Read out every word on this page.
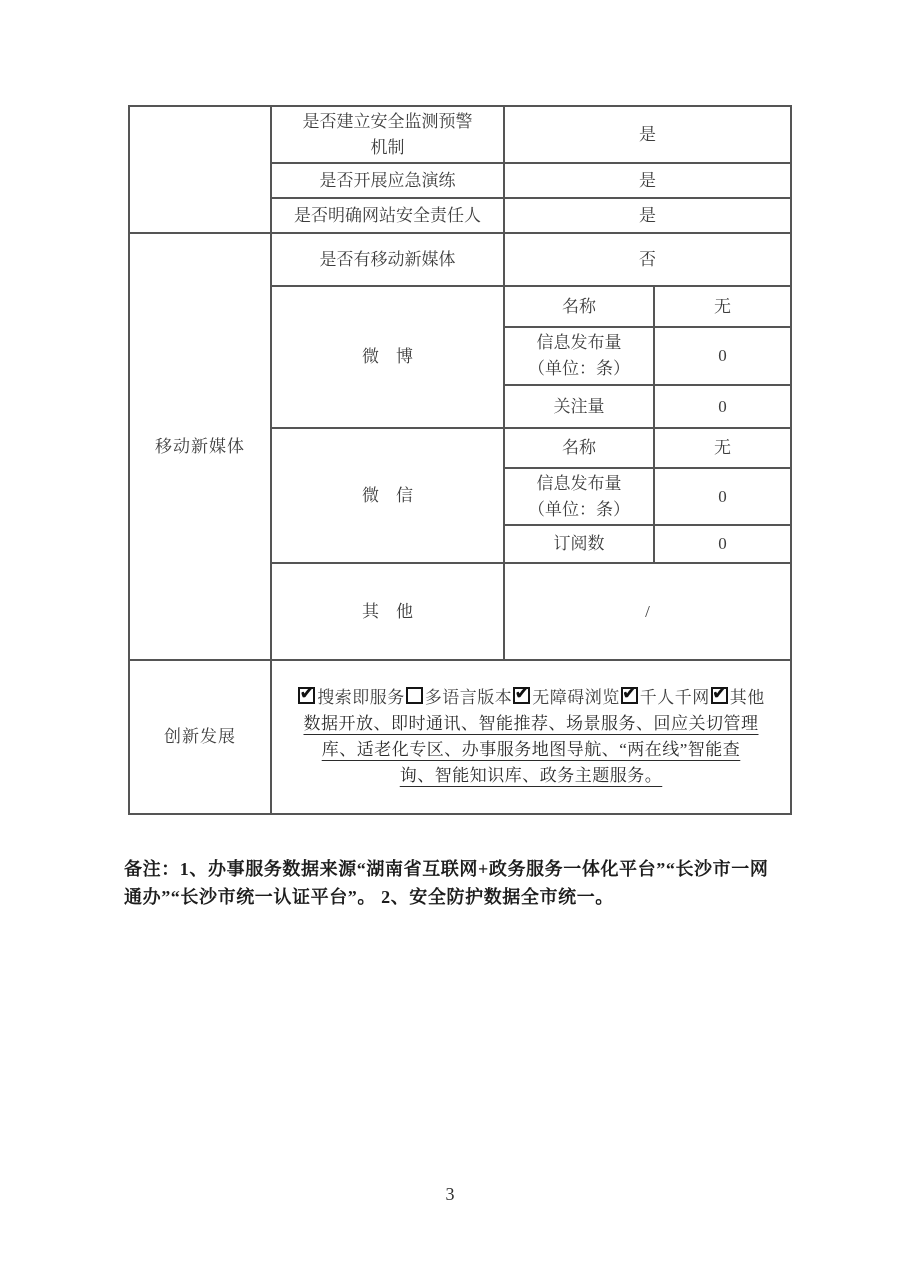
	是否建立安全监测预警
机制	是	
	是否开展应急演练	是	
	是否明确网站安全责任人	是	
移动新媒体	是否有移动新媒体	否	
	微　博	名称	无

		信息发布量
（单位：条）	0
		关注量	0
	微　信	名称	无

		信息发布量
（单位：条）	0
		订阅数	0
	其　他	/	
创新发展	
✔搜索即服务 多语言版本 ✔ 无障碍浏览 ✔ 千人千网 ✔ 其他
数据开放、即时通讯、智能推荐、场景服务、回应关切管理
库、适老化专区、办事服务地图导航、“两在线”智能查
询、智能知识库、政务主题服务。
备注：1、办事服务数据来源“湖南省互联网+政务服务一体化平台”“长沙市一网
通办”“长沙市统一认证平台”。 2、安全防护数据全市统一。
3
